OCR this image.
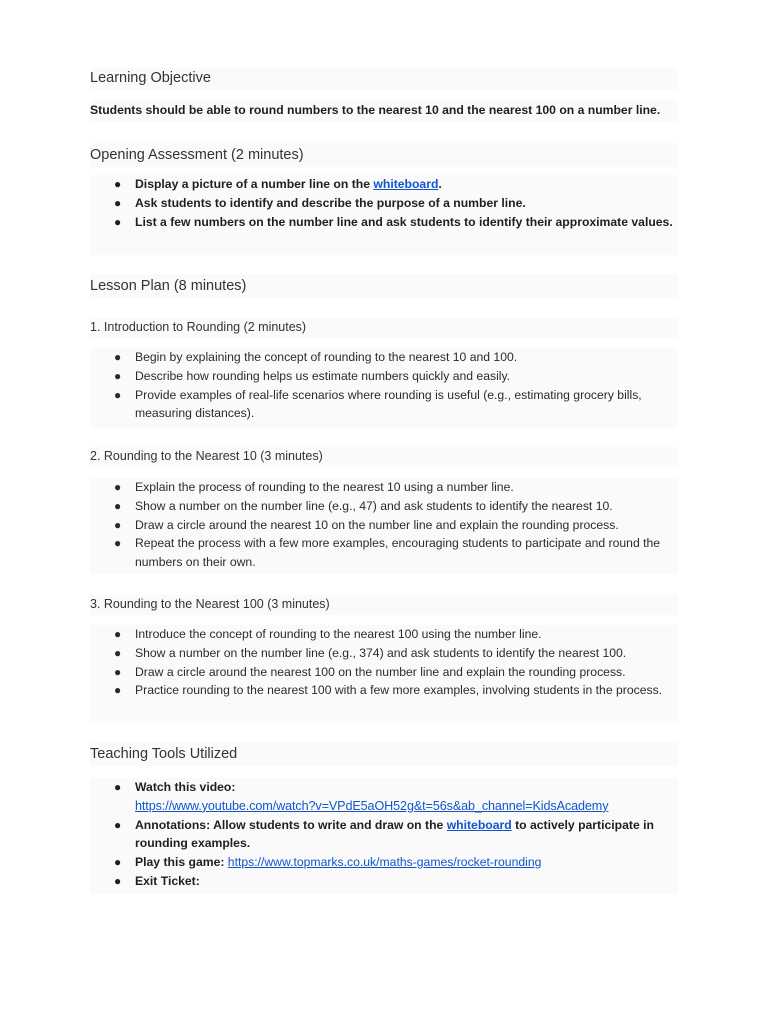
Learning Objective
Students should be able to round numbers to the nearest 10 and the nearest 100 on a number line.
Opening Assessment (2 minutes)
● Display a picture of a number line on the whiteboard.
● Ask students to identify and describe the purpose of a number line.
● List a few numbers on the number line and ask students to identify their approximate values.
Lesson Plan (8 minutes)
1. Introduction to Rounding (2 minutes)
● Begin by explaining the concept of rounding to the nearest 10 and 100.
● Describe how rounding helps us estimate numbers quickly and easily.
● Provide examples of real-life scenarios where rounding is useful (e.g., estimating grocery bills, measuring distances).
2. Rounding to the Nearest 10 (3 minutes)
● Explain the process of rounding to the nearest 10 using a number line.
● Show a number on the number line (e.g., 47) and ask students to identify the nearest 10.
● Draw a circle around the nearest 10 on the number line and explain the rounding process.
● Repeat the process with a few more examples, encouraging students to participate and round the numbers on their own.
3. Rounding to the Nearest 100 (3 minutes)
● Introduce the concept of rounding to the nearest 100 using the number line.
● Show a number on the number line (e.g., 374) and ask students to identify the nearest 100.
● Draw a circle around the nearest 100 on the number line and explain the rounding process.
● Practice rounding to the nearest 100 with a few more examples, involving students in the process.
Teaching Tools Utilized
● Watch this video:
https://www.youtube.com/watch?v=VPdE5aOH52g&t=56s&ab_channel=KidsAcademy
● Annotations: Allow students to write and draw on the whiteboard to actively participate in rounding examples.
● Play this game: https://www.topmarks.co.uk/maths-games/rocket-rounding
● Exit Ticket:
